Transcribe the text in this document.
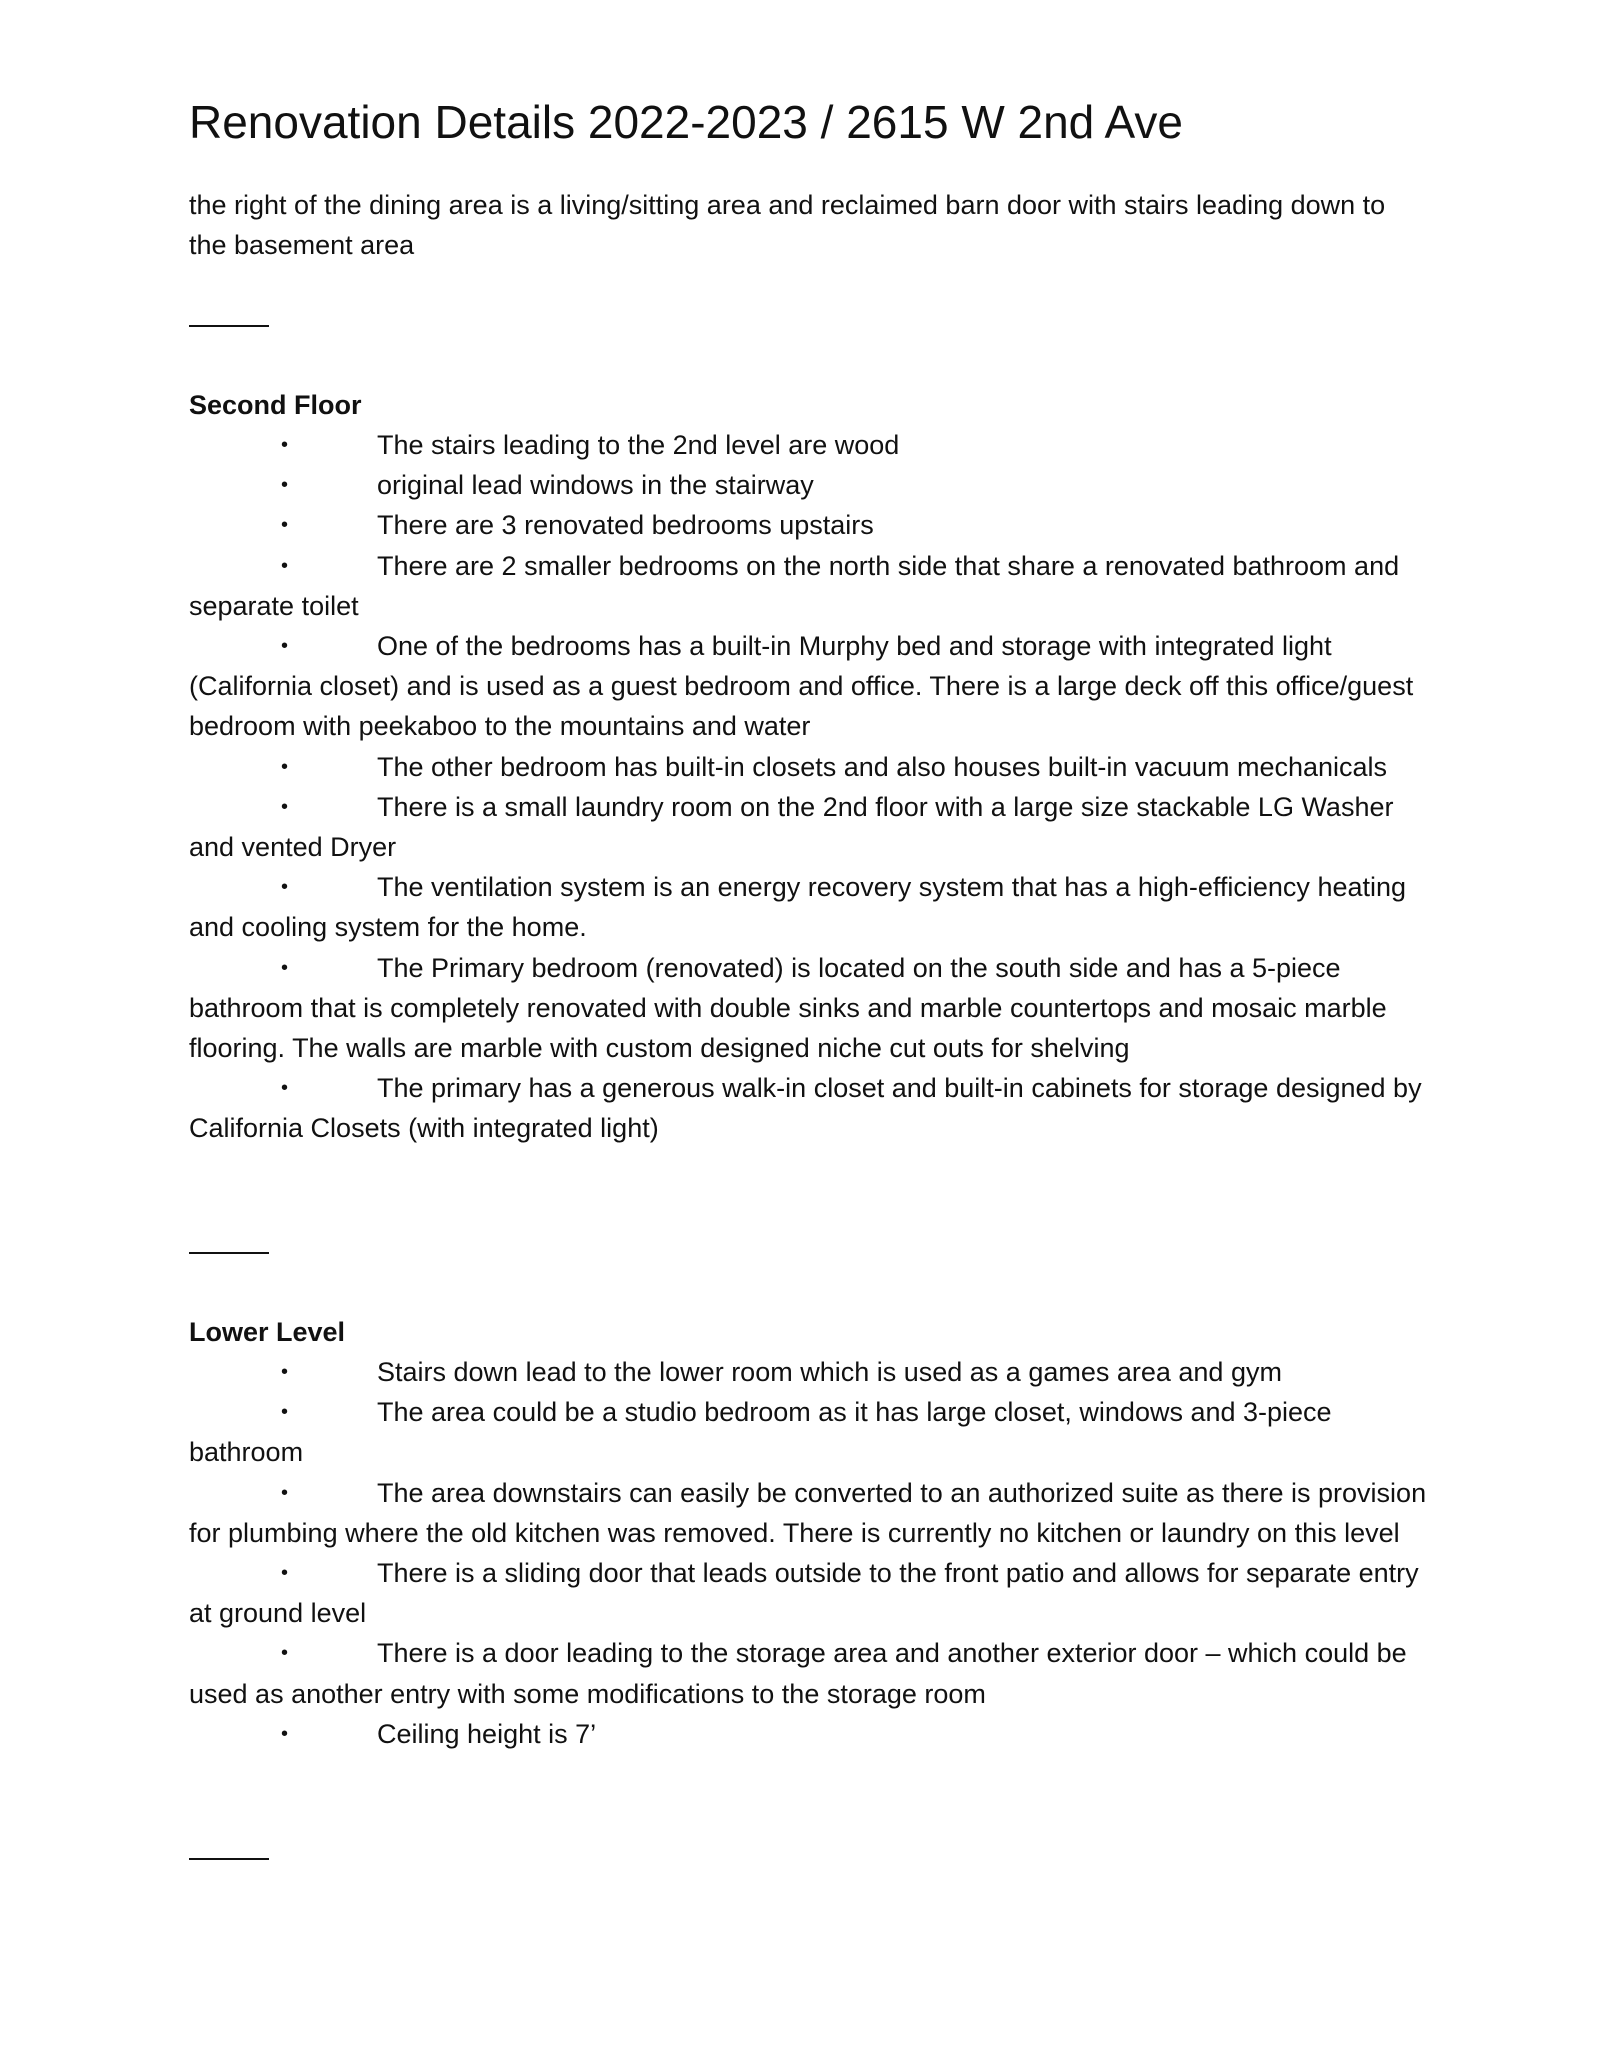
Renovation Details 2022-2023 / 2615 W 2nd Ave

the right of the dining area is a living/sitting area and reclaimed barn door with stairs leading down to the basement area

Second Floor
•	The stairs leading to the 2nd level are wood
•	original lead windows in the stairway
•	There are 3 renovated bedrooms upstairs
•	There are 2 smaller bedrooms on the north side that share a renovated bathroom and separate toilet
•	One of the bedrooms has a built-in Murphy bed and storage with integrated light (California closet) and is used as a guest bedroom and office. There is a large deck off this office/guest bedroom with peekaboo to the mountains and water
•	The other bedroom has built-in closets and also houses built-in vacuum mechanicals
•	There is a small laundry room on the 2nd floor with a large size stackable LG Washer and vented Dryer
•	The ventilation system is an energy recovery system that has a high-efficiency heating and cooling system for the home.
•	The Primary bedroom (renovated) is located on the south side and has a 5-piece bathroom that is completely renovated with double sinks and marble countertops and mosaic marble flooring. The walls are marble with custom designed niche cut outs for shelving
•	The primary has a generous walk-in closet and built-in cabinets for storage designed by California Closets (with integrated light)
Lower Level
•	Stairs down lead to the lower room which is used as a games area and gym
•	The area could be a studio bedroom as it has large closet, windows and 3-piece bathroom
•	The area downstairs can easily be converted to an authorized suite as there is provision for plumbing where the old kitchen was removed. There is currently no kitchen or laundry on this level
•	There is a sliding door that leads outside to the front patio and allows for separate entry at ground level
•	There is a door leading to the storage area and another exterior door – which could be used as another entry with some modifications to the storage room
•	Ceiling height is 7’
